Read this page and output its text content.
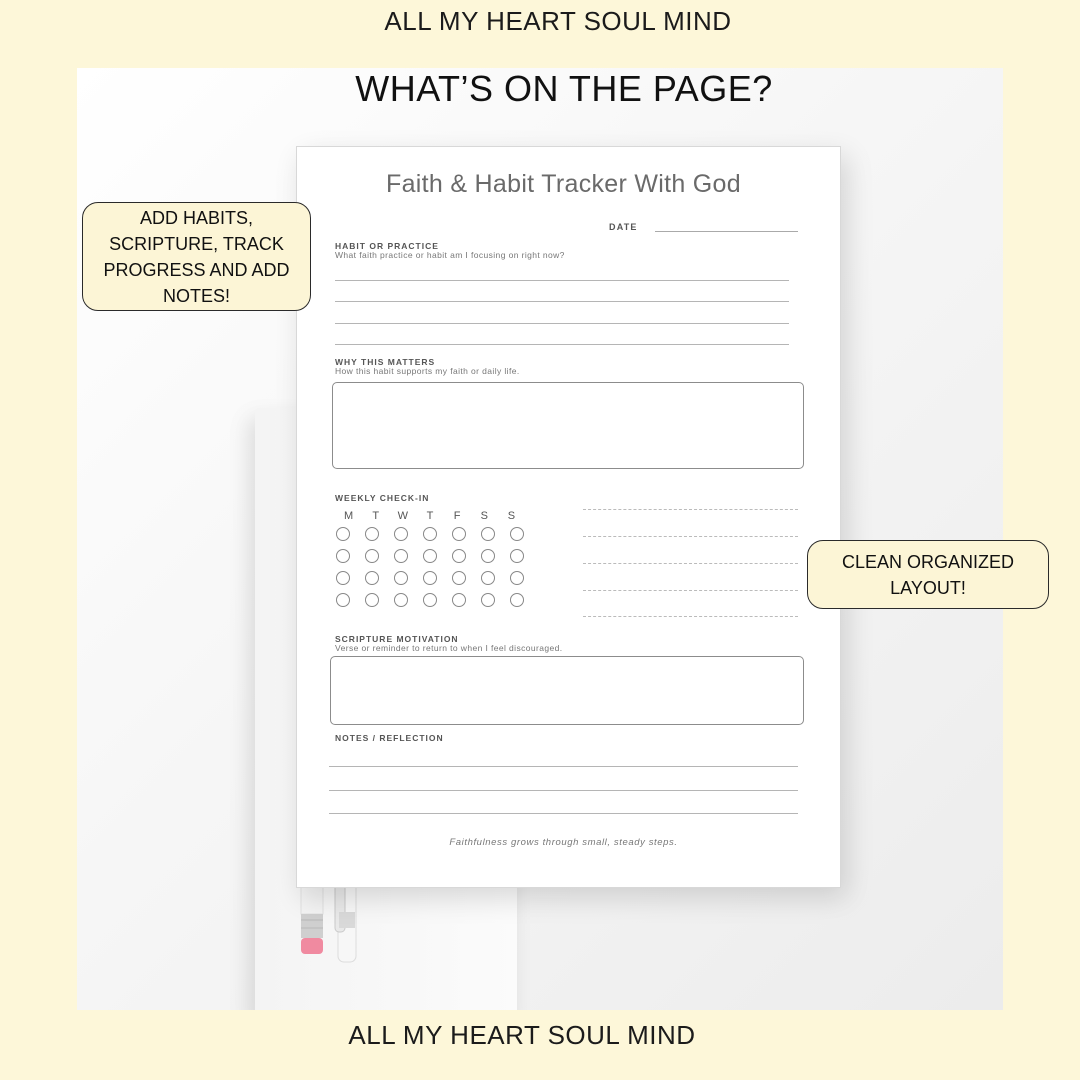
ALL MY HEART SOUL MIND
WHAT’S ON THE PAGE?
Faith & Habit Tracker With God
DATE
HABIT OR PRACTICE
What faith practice or habit am I focusing on right now?
WHY THIS MATTERS
How this habit supports my faith or daily life.
WEEKLY CHECK-IN
M	T	W	T	F	S	S
SCRIPTURE MOTIVATION
Verse or reminder to return to when I feel discouraged.
NOTES / REFLECTION
Faithfulness grows through small, steady steps.
ADD HABITS, SCRIPTURE, TRACK PROGRESS AND ADD NOTES!
CLEAN ORGANIZED LAYOUT!
ALL MY HEART SOUL MIND
